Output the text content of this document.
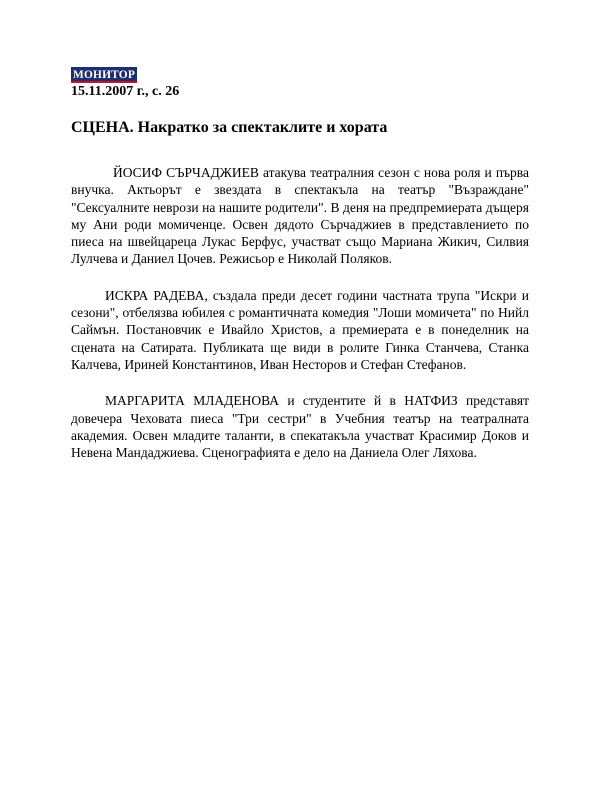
МОНИТОР
15.11.2007 г., с. 26
СЦЕНА. Накратко за спектаклите и хората

ЙОСИФ СЪРЧАДЖИЕВ атакува театралния сезон с нова роля и първа внучка. Актьорът е звездата в спектакъла на театър "Възраждане" "Сексуалните неврози на нашите родители". В деня на предпремиерата дъщеря му Ани роди момиченце. Освен дядото Сърчаджиев в представлението по пиеса на швейцареца Лукас Берфус, участват също Мариана Жикич, Силвия Лулчева и Даниел Цочев. Режисьор е Николай Поляков.

ИСКРА РАДЕВА, създала преди десет години частната трупа "Искри и сезони", отбелязва юбилея с романтичната комедия "Лоши момичета" по Нийл Саймън. Постановчик е Ивайло Христов, а премиерата е в понеделник на сцената на Сатирата. Публиката ще види в ролите Гинка Станчева, Станка Калчева, Ириней Константинов, Иван Несторов и Стефан Стефанов.

МАРГАРИТА МЛАДЕНОВА и студентите й в НАТФИЗ представят довечера Чеховата пиеса "Три сестри" в Учебния театър на театралната академия. Освен младите таланти, в спекатакъла участват Красимир Доков и Невена Мандаджиева. Сценографията е дело на Даниела Олег Ляхова.
